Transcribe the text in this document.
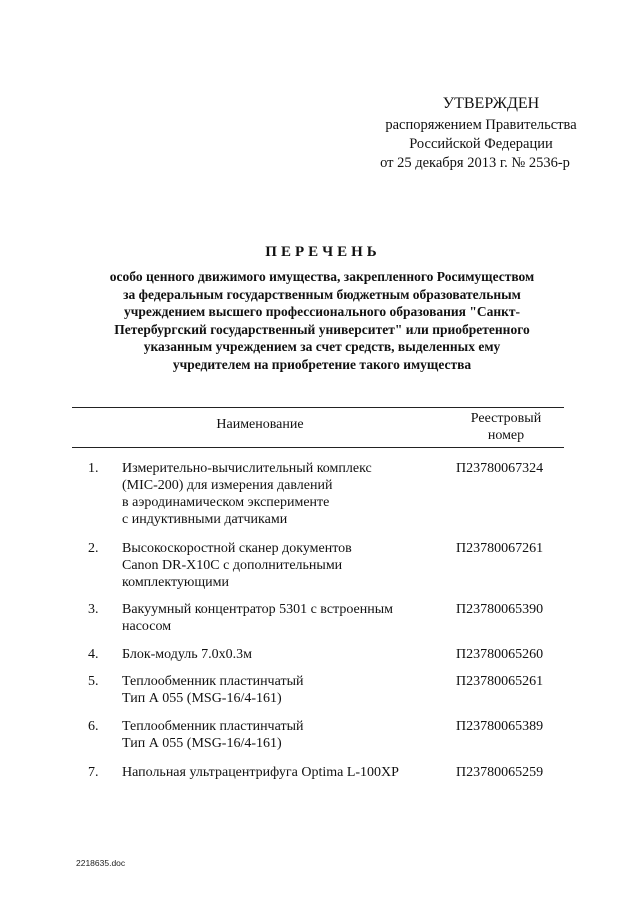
УТВЕРЖДЕН
распоряжением Правительства
Российской Федерации
от 25 декабря 2013 г. № 2536-р
ПЕРЕЧЕНЬ
особо ценного движимого имущества, закрепленного Росимуществом
за федеральным государственным бюджетным образовательным
учреждением высшего профессионального образования "Санкт-
Петербургский государственный университет" или приобретенного
указанным учреждением за счет средств, выделенных ему
учредителем на приобретение такого имущества
Наименование	Реестровый
номер
1.	Измерительно-вычислительный комплекс
(MIC-200) для измерения давлений
в аэродинамическом эксперименте
с индуктивными датчиками
П23780067324
2.	Высокоскоростной сканер документов
Canon DR-X10C с дополнительными
комплектующими
П23780067261
3.	Вакуумный концентратор 5301 с встроенным
насосом
П23780065390
4.	Блок-модуль 7.0х0.3м	П23780065260
5.	Теплообменник пластинчатый
Тип А 055 (MSG-16/4-161)
П23780065261
6.	Теплообменник пластинчатый
Тип А 055 (MSG-16/4-161)
П23780065389
7.	Напольная ультрацентрифуга Optima L-100XP	П23780065259
2218635.doc
